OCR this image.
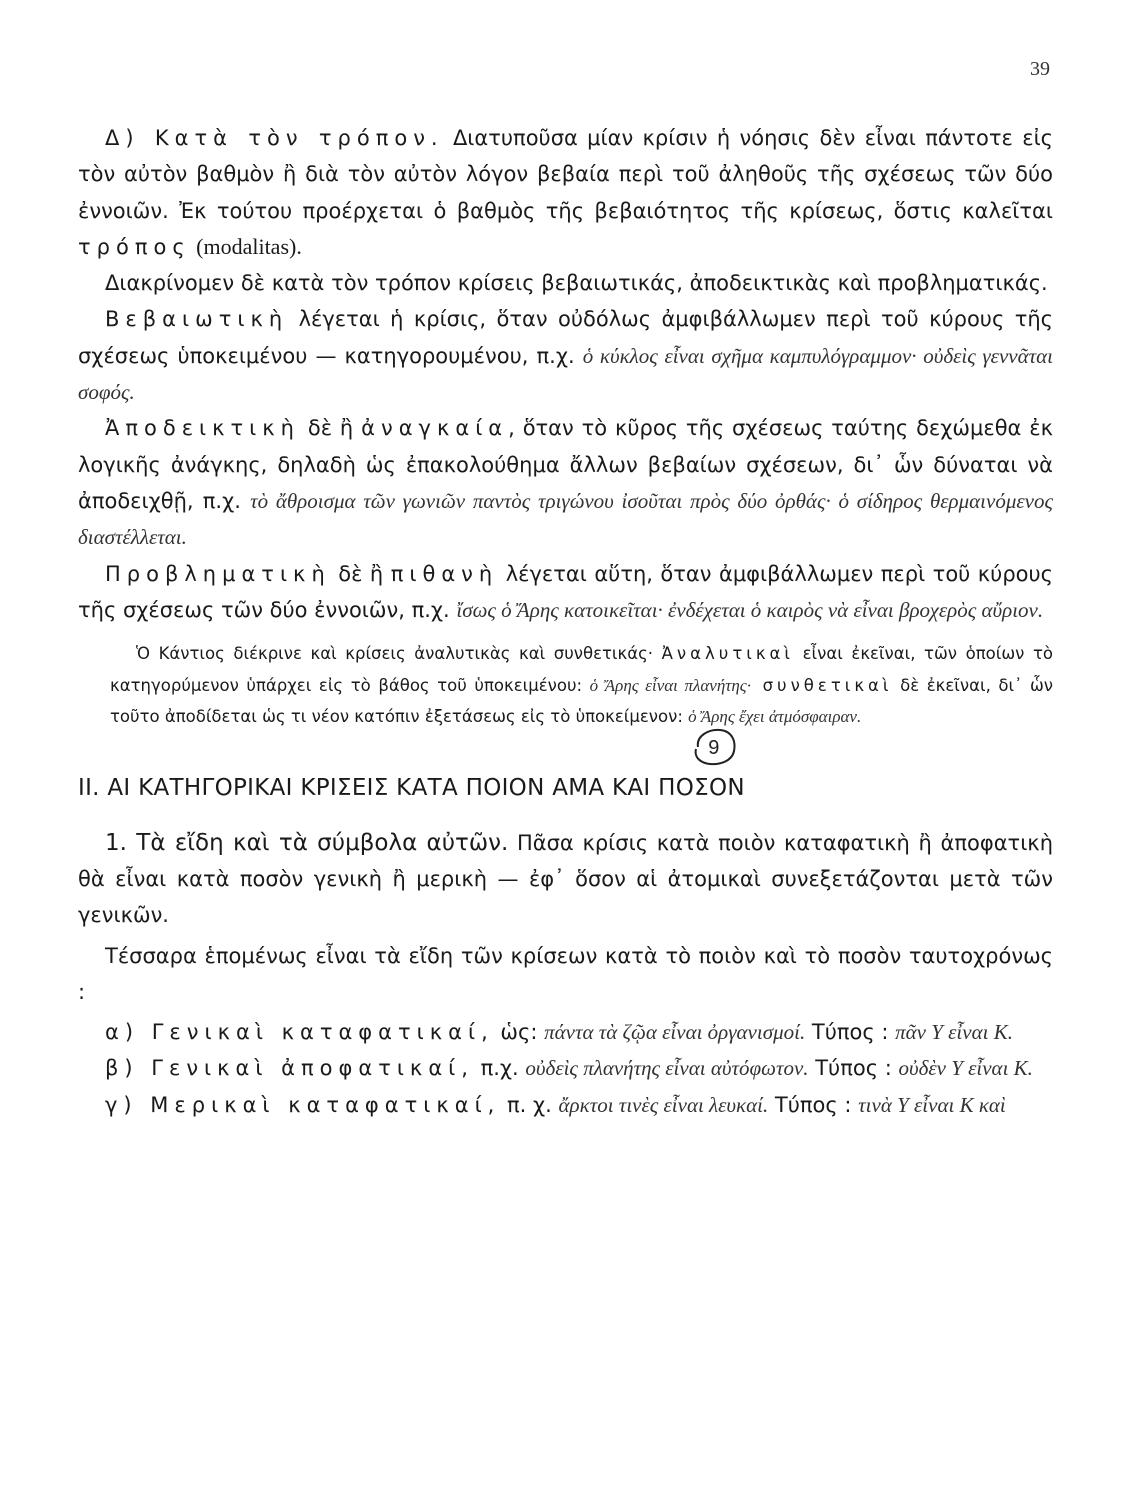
39

Δ) Κατὰ τὸν τρόπον. Διατυποῦσα μίαν κρίσιν ἡ νόησις δὲν εἶναι πάντοτε εἰς τὸν αὐτὸν βαθμὸν ἢ διὰ τὸν αὐτὸν λόγον βεβαία περὶ τοῦ ἀληθοῦς τῆς σχέσεως τῶν δύο ἐννοιῶν. Ἐκ τούτου προέρχεται ὁ βαθμὸς τῆς βεβαιότητος τῆς κρίσεως, ὅστις καλεῖται τρόπος (modalitas).

Διακρίνομεν δὲ κατὰ τὸν τρόπον κρίσεις βεβαιωτικάς, ἀποδεικτικὰς καὶ προβληματικάς.

Βεβαιωτικὴ λέγεται ἡ κρίσις, ὅταν οὐδόλως ἀμφιβάλλωμεν περὶ τοῦ κύρους τῆς σχέσεως ὑποκειμένου — κατηγορουμένου, π.χ. ὁ κύκλος εἶναι σχῆμα καμπυλόγραμμον· οὐδεὶς γεννᾶται σοφός.

Ἀποδεικτικὴ δὲ ἢ ἀναγκαία, ὅταν τὸ κῦρος τῆς σχέσεως ταύτης δεχώμεθα ἐκ λογικῆς ἀνάγκης, δηλαδὴ ὡς ἐπακολούθημα ἄλλων βεβαίων σχέσεων, δι᾽ ὧν δύναται νὰ ἀποδειχθῇ, π.χ. τὸ ἄθροισμα τῶν γωνιῶν παντὸς τριγώνου ἰσοῦται πρὸς δύο ὀρθάς· ὁ σίδηρος θερμαινόμενος διαστέλλεται.

Προβληματικὴ δὲ ἢ πιθανὴ λέγεται αὕτη, ὅταν ἀμφιβάλλωμεν περὶ τοῦ κύρους τῆς σχέσεως τῶν δύο ἐννοιῶν, π.χ. ἴσως ὁ Ἄρης κατοικεῖται· ἐνδέχεται ὁ καιρὸς νὰ εἶναι βροχερὸς αὔριον.

Ὁ Κάντιος διέκρινε καὶ κρίσεις ἀναλυτικὰς καὶ συνθετικάς· Ἀναλυτικαὶ εἶναι ἐκεῖναι, τῶν ὁποίων τὸ κατηγορύμενον ὑπάρχει εἰς τὸ βάθος τοῦ ὑποκειμένου: ὁ Ἄρης εἶναι πλανήτης· συνθετικαὶ δὲ ἐκεῖναι, δι᾽ ὧν τοῦτο ἀποδίδεται ὡς τι νέον κατόπιν ἐξετάσεως εἰς τὸ ὑποκείμενον: ὁ Ἄρης ἔχει ἀτμόσφαιραν.

9
ΙΙ. ΑΙ ΚΑΤΗΓΟΡΙΚΑΙ ΚΡΙΣΕΙΣ ΚΑΤΑ ΠΟΙΟΝ ΑΜΑ ΚΑΙ ΠΟΣΟΝ

1. Τὰ εἴδη καὶ τὰ σύμβολα αὐτῶν. Πᾶσα κρίσις κατὰ ποιὸν καταφατικὴ ἢ ἀποφατικὴ θὰ εἶναι κατὰ ποσὸν γενικὴ ἢ μερικὴ — ἐφ᾽ ὅσον αἱ ἀτομικαὶ συνεξετάζονται μετὰ τῶν γενικῶν.

Τέσσαρα ἑπομένως εἶναι τὰ εἴδη τῶν κρίσεων κατὰ τὸ ποιὸν καὶ τὸ ποσὸν ταυτοχρόνως :

α) Γενικαὶ καταφατικαί, ὡς: πάντα τὰ ζῷα εἶναι ὀργανισμοί. Τύπος : πᾶν Υ εἶναι Κ.

β) Γενικαὶ ἀποφατικαί, π.χ. οὐδεὶς πλανήτης εἶναι αὐτόφωτον. Τύπος : οὐδὲν Υ εἶναι Κ.

γ) Μερικαὶ καταφατικαί, π. χ. ἄρκτοι τινὲς εἶναι λευκαί. Τύπος : τινὰ Υ εἶναι Κ καὶ
